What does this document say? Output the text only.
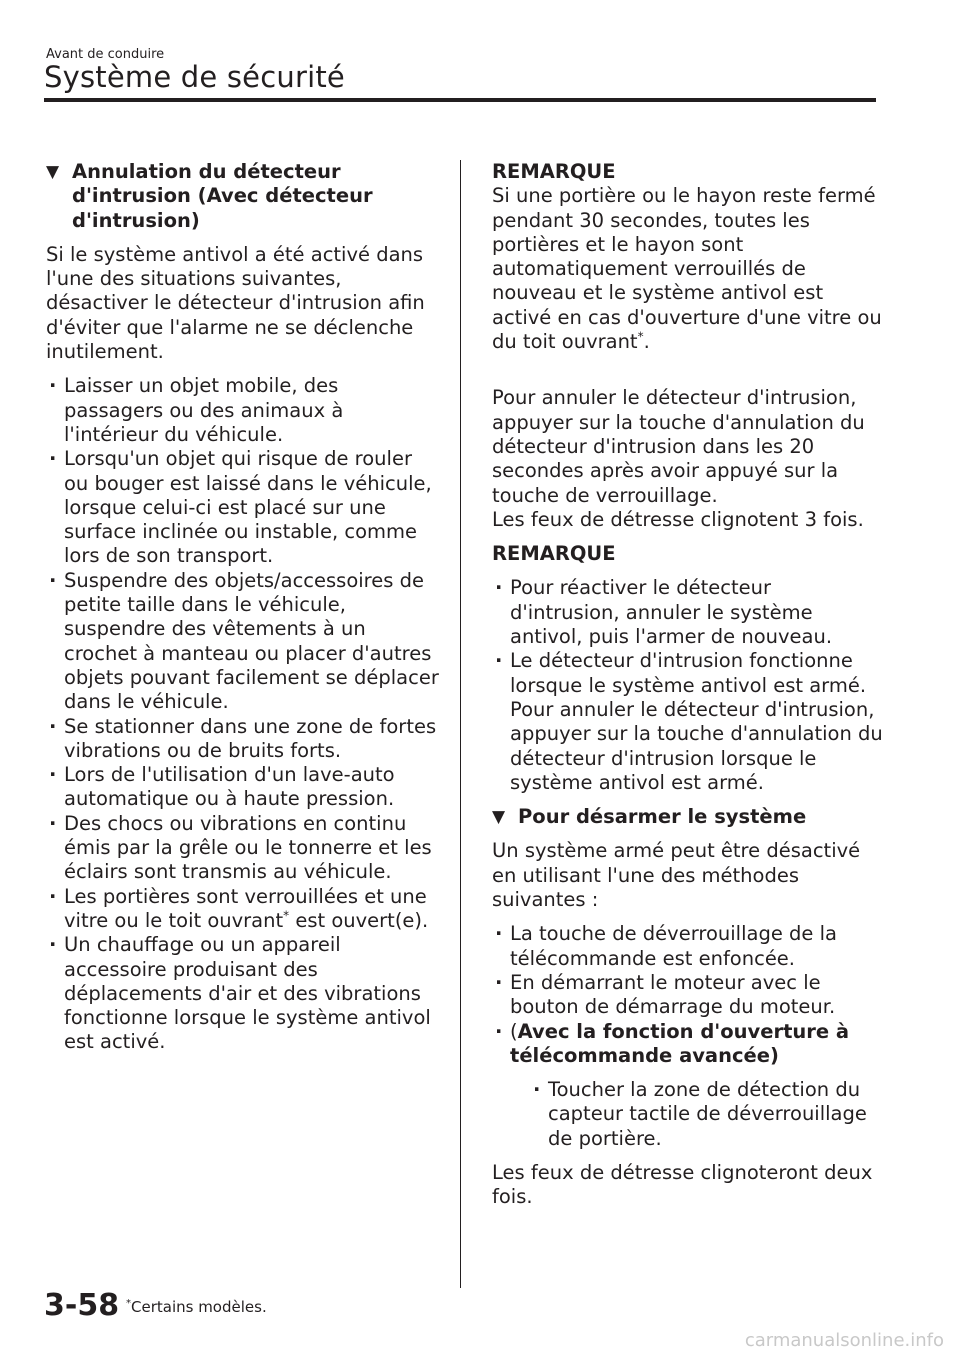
Avant de conduire
Système de sécurité
▼ Annulation du détecteur d'intrusion (Avec détecteur d'intrusion)

Si le système antivol a été activé dans l'une des situations suivantes, désactiver le détecteur d'intrusion afin d'éviter que l'alarme ne se déclenche inutilement.

· Laisser un objet mobile, des passagers ou des animaux à l'intérieur du véhicule.
· Lorsqu'un objet qui risque de rouler ou bouger est laissé dans le véhicule, lorsque celui-ci est placé sur une surface inclinée ou instable, comme lors de son transport.
· Suspendre des objets/accessoires de petite taille dans le véhicule, suspendre des vêtements à un crochet à manteau ou placer d'autres objets pouvant facilement se déplacer dans le véhicule.
· Se stationner dans une zone de fortes vibrations ou de bruits forts.
· Lors de l'utilisation d'un lave-auto automatique ou à haute pression.
· Des chocs ou vibrations en continu émis par la grêle ou le tonnerre et les éclairs sont transmis au véhicule.
· Les portières sont verrouillées et une vitre ou le toit ouvrant* est ouvert(e).
· Un chauffage ou un appareil accessoire produisant des déplacements d'air et des vibrations fonctionne lorsque le système antivol est activé.
REMARQUE

Si une portière ou le hayon reste fermé pendant 30 secondes, toutes les portières et le hayon sont automatiquement verrouillés de nouveau et le système antivol est activé en cas d'ouverture d'une vitre ou du toit ouvrant*.

Pour annuler le détecteur d'intrusion, appuyer sur la touche d'annulation du détecteur d'intrusion dans les 20 secondes après avoir appuyé sur la touche de verrouillage.

Les feux de détresse clignotent 3 fois.

REMARQUE
· Pour réactiver le détecteur d'intrusion, annuler le système antivol, puis l'armer de nouveau.
· Le détecteur d'intrusion fonctionne lorsque le système antivol est armé. Pour annuler le détecteur d'intrusion, appuyer sur la touche d'annulation du détecteur d'intrusion lorsque le système antivol est armé.
▼ Pour désarmer le système

Un système armé peut être désactivé en utilisant l'une des méthodes suivantes :

· La touche de déverrouillage de la télécommande est enfoncée.
· En démarrant le moteur avec le bouton de démarrage du moteur.
· (Avec la fonction d'ouverture à télécommande avancée)
· Toucher la zone de détection du capteur tactile de déverrouillage de portière.

Les feux de détresse clignoteront deux fois.

3-58 *Certains modèles.
carmanualsonline.info
